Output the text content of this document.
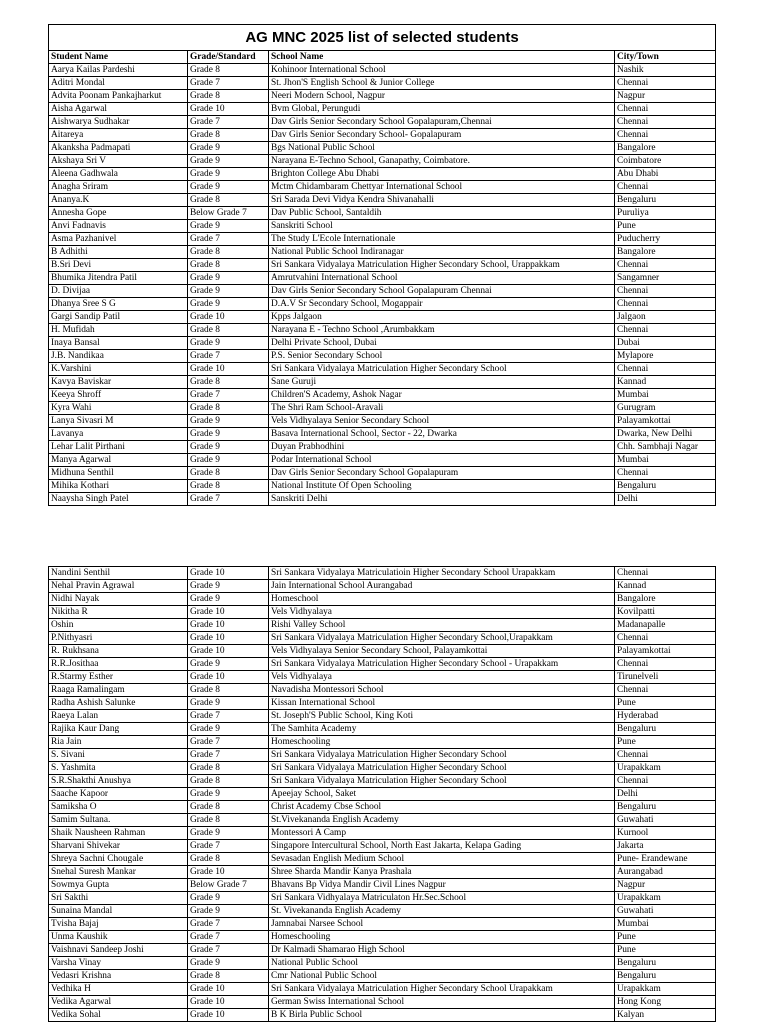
AG MNC 2025 list of selected students			
Student Name	Grade/Standard	School Name	City/Town
Aarya Kailas Pardeshi	Grade 8	Kohinoor International School	Nashik
Aditri Mondal	Grade 7	St. Jhon'S English School & Junior College	Chennai
Advita Poonam Pankajharkut	Grade 8	Neeri Modern School, Nagpur	Nagpur
Aisha Agarwal	Grade 10	Bvm Global, Perungudi	Chennai
Aishwarya Sudhakar	Grade 7	Dav Girls Senior Secondary School Gopalapuram,Chennai	Chennai
Aitareya	Grade 8	Dav Girls Senior Secondary School- Gopalapuram	Chennai
Akanksha Padmapati	Grade 9	Bgs National Public School	Bangalore
Akshaya Sri V	Grade 9	Narayana E-Techno School, Ganapathy, Coimbatore.	Coimbatore
Aleena Gadhwala	Grade 9	Brighton College Abu Dhabi	Abu Dhabi
Anagha Sriram	Grade 9	Mctm Chidambaram Chettyar International School	Chennai
Ananya.K	Grade 8	Sri Sarada Devi Vidya Kendra Shivanahalli	Bengaluru
Annesha Gope	Below Grade 7	Dav Public School, Santaldih	Puruliya
Anvi Fadnavis	Grade 9	Sanskriti School	Pune
Asma Pazhanivel	Grade 7	The Study L'Ecole Internationale	Puducherry
B Adhithi	Grade 8	National Public School Indiranagar	Bangalore
B.Sri Devi	Grade 8	Sri Sankara Vidyalaya Matriculation Higher Secondary School, Urappakkam	Chennai
Bhumika Jitendra Patil	Grade 9	Amrutvahini International School	Sangamner
D. Divijaa	Grade 9	Dav Girls Senior Secondary School Gopalapuram Chennai	Chennai
Dhanya Sree S G	Grade 9	D.A.V Sr Secondary School, Mogappair	Chennai
Gargi Sandip Patil	Grade 10	Kpps Jalgaon	Jalgaon
H. Mufidah	Grade 8	Narayana E - Techno School ,Arumbakkam	Chennai
Inaya Bansal	Grade 9	Delhi Private School, Dubai	Dubai
J.B. Nandikaa	Grade 7	P.S. Senior Secondary School	Mylapore
K.Varshini	Grade 10	Sri Sankara Vidyalaya Matriculation Higher Secondary School	Chennai
Kavya Baviskar	Grade 8	Sane Guruji	Kannad
Keeya Shroff	Grade 7	Children'S Academy, Ashok Nagar	Mumbai
Kyra Wahi	Grade 8	The Shri Ram School-Aravali	Gurugram
Lanya Sivasri M	Grade 9	Vels Vidhyalaya Senior Secondary School	Palayamkottai
Lavanya	Grade 9	Basava International School, Sector - 22, Dwarka	Dwarka, New Delhi
Lehar Lalit Pirthani	Grade 9	Duyan Prabhodhini	Chh. Sambhaji Nagar
Manya Agarwal	Grade 9	Podar International School	Mumbai
Midhuna Senthil	Grade 8	Dav Girls Senior Secondary School Gopalapuram	Chennai
Mihika Kothari	Grade 8	National Institute Of Open Schooling	Bengaluru
Naaysha Singh Patel	Grade 7	Sanskriti Delhi	Delhi
Nandini Senthil	Grade 10	Sri Sankara Vidyalaya Matriculatioin Higher Secondary School Urapakkam	Chennai
Nehal Pravin Agrawal	Grade 9	Jain International School Aurangabad	Kannad
Nidhi Nayak	Grade 9	Homeschool	Bangalore
Nikitha R	Grade 10	Vels Vidhyalaya	Kovilpatti
Oshin	Grade 10	Rishi Valley School	Madanapalle
P.Nithyasri	Grade 10	Sri Sankara Vidyalaya Matriculation Higher Secondary School,Urapakkam	Chennai
R. Rukhsana	Grade 10	Vels Vidhyalaya Senior Secondary School, Palayamkottai	Palayamkottai
R.R.Josithaa	Grade 9	Sri Sankara Vidyalaya Matriculation Higher Secondary School - Urapakkam	Chennai
R.Starmy Esther	Grade 10	Vels Vidhyalaya	Tirunelveli
Raaga Ramalingam	Grade 8	Navadisha Montessori School	Chennai
Radha Ashish Salunke	Grade 9	Kissan International School	Pune
Raeya Lalan	Grade 7	St. Joseph'S Public School, King Koti	Hyderabad
Rajika Kaur Dang	Grade 9	The Samhita Academy	Bengaluru
Ria Jain	Grade 7	Homeschooling	Pune
S. Sivani	Grade 7	Sri Sankara Vidyalaya Matriculation Higher Secondary School	Chennai
S. Yashmita	Grade 8	Sri Sankara Vidyalaya Matriculation Higher Secondary School	Urapakkam
S.R.Shakthi Anushya	Grade 8	Sri Sankara Vidyalaya Matriculation Higher Secondary School	Chennai
Saache Kapoor	Grade 9	Apeejay School, Saket	Delhi
Samiksha O	Grade 8	Christ Academy Cbse School	Bengaluru
Samim Sultana.	Grade 8	St.Vivekananda English Academy	Guwahati
Shaik Nausheen Rahman	Grade 9	Montessori A Camp	Kurnool
Sharvani Shivekar	Grade 7	Singapore Intercultural School, North East Jakarta, Kelapa Gading	Jakarta
Shreya Sachni Chougale	Grade 8	Sevasadan English Medium School	Pune- Erandewane
Snehal Suresh Mankar	Grade 10	Shree Sharda Mandir Kanya Prashala	Aurangabad
Sowmya Gupta	Below Grade 7	Bhavans Bp Vidya Mandir Civil Lines Nagpur	Nagpur
Sri Sakthi	Grade 9	Sri Sankara Vidhyalaya Matriculaton Hr.Sec.School	Urapakkam
Sunaina Mandal	Grade 9	St. Vivekananda English Academy	Guwahati
Tvisha Bajaj	Grade 7	Jamnabai Narsee School	Mumbai
Unma Kaushik	Grade 7	Homeschooling	Pune
Vaishnavi Sandeep Joshi	Grade 7	Dr Kalmadi Shamarao High School	Pune
Varsha Vinay	Grade 9	National Public School	Bengaluru
Vedasri Krishna	Grade 8	Cmr National Public School	Bengaluru
Vedhika H	Grade 10	Sri Sankara Vidyalaya Matriculation Higher Secondary School Urapakkam	Urapakkam
Vedika Agarwal	Grade 10	German Swiss International School	Hong Kong
Vedika Sohal	Grade 10	B K Birla Public School	Kalyan
